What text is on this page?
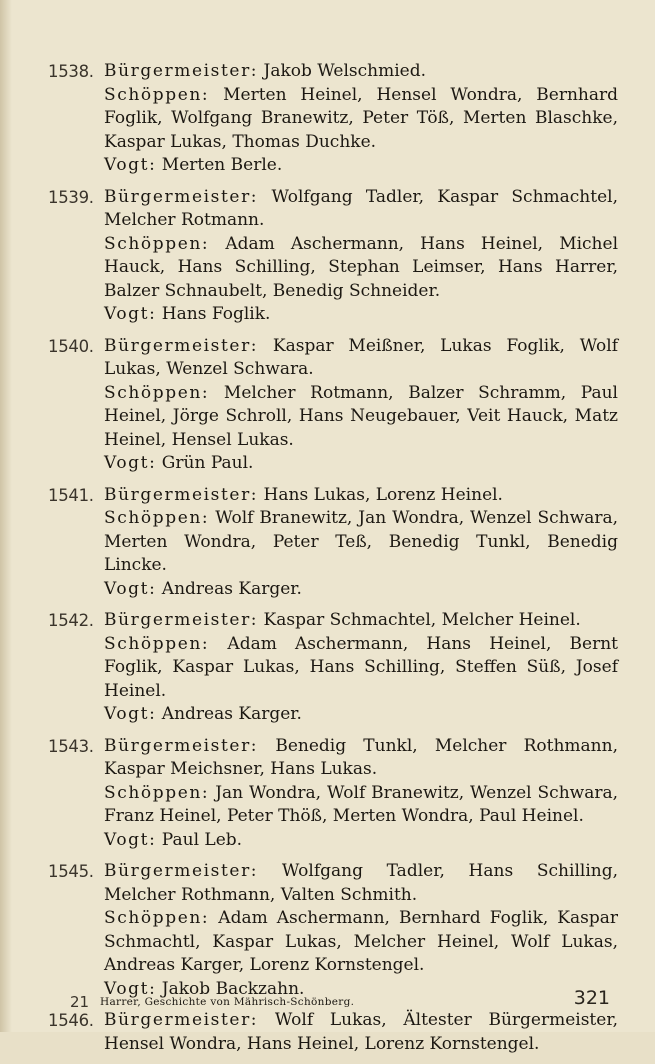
1538. Bürgermeister: Jakob Welschmied.
Schöppen: Merten Heinel, Hensel Wondra, Bernhard Foglik, Wolfgang Branewitz, Peter Töß, Merten Blaschke, Kaspar Lukas, Thomas Duchke.
Vogt: Merten Berle.
1539. Bürgermeister: Wolfgang Tadler, Kaspar Schmachtel, Melcher Rotmann.
Schöppen: Adam Aschermann, Hans Heinel, Michel Hauck, Hans Schilling, Stephan Leimser, Hans Harrer, Balzer Schnaubelt, Benedig Schneider.
Vogt: Hans Foglik.
1540. Bürgermeister: Kaspar Meißner, Lukas Foglik, Wolf Lukas, Wenzel Schwara.
Schöppen: Melcher Rotmann, Balzer Schramm, Paul Heinel, Jörge Schroll, Hans Neugebauer, Veit Hauck, Matz Heinel, Hensel Lukas.
Vogt: Grün Paul.
1541. Bürgermeister: Hans Lukas, Lorenz Heinel.
Schöppen: Wolf Branewitz, Jan Wondra, Wenzel Schwara, Merten Wondra, Peter Teß, Benedig Tunkl, Benedig Lincke.
Vogt: Andreas Karger.
1542. Bürgermeister: Kaspar Schmachtel, Melcher Heinel.
Schöppen: Adam Aschermann, Hans Heinel, Bernt Foglik, Kaspar Lukas, Hans Schilling, Steffen Süß, Josef Heinel.
Vogt: Andreas Karger.
1543. Bürgermeister: Benedig Tunkl, Melcher Rothmann, Kaspar Meichsner, Hans Lukas.
Schöppen: Jan Wondra, Wolf Branewitz, Wenzel Schwara, Franz Heinel, Peter Thöß, Merten Wondra, Paul Heinel.
Vogt: Paul Leb.
1545. Bürgermeister: Wolfgang Tadler, Hans Schilling, Melcher Rothmann, Valten Schmith.
Schöppen: Adam Aschermann, Bernhard Foglik, Kaspar Schmachtl, Kaspar Lukas, Melcher Heinel, Wolf Lukas, Andreas Karger, Lorenz Kornstengel.
Vogt: Jakob Backzahn.
1546. Bürgermeister: Wolf Lukas, Ältester Bürgermeister, Hensel Wondra, Hans Heinel, Lorenz Kornstengel.
21 Harrer, Geschichte von Mährisch-Schönberg.	321
